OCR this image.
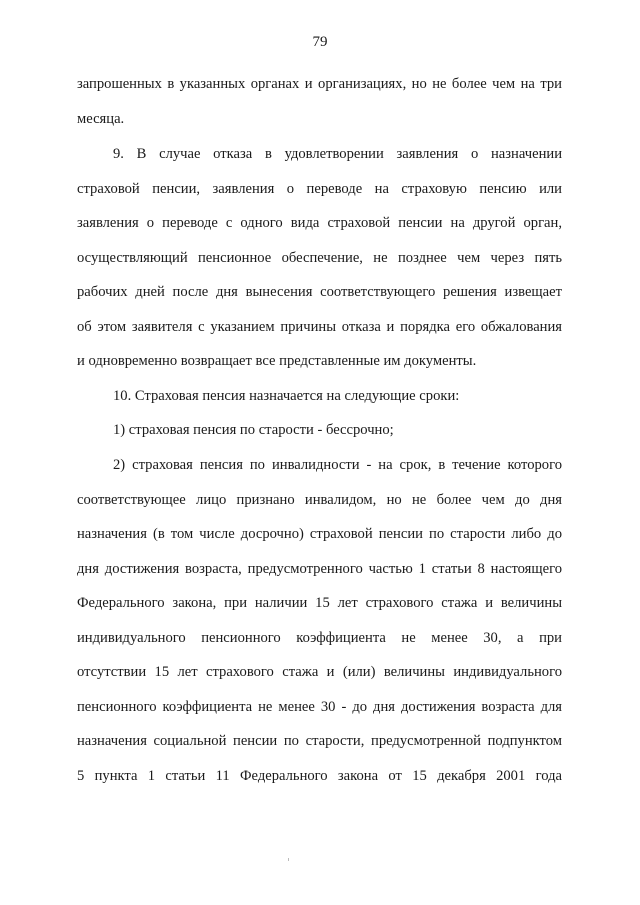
79
запрошенных в указанных органах и организациях, но не более чем на три
месяца.
9. В случае отказа в удовлетворении заявления о назначении
страховой пенсии, заявления о переводе на страховую пенсию или
заявления о переводе с одного вида страховой пенсии на другой орган,
осуществляющий пенсионное обеспечение, не позднее чем через пять
рабочих дней после дня вынесения соответствующего решения извещает
об этом заявителя с указанием причины отказа и порядка его обжалования
и одновременно возвращает все представленные им документы.
10. Страховая пенсия назначается на следующие сроки:
1) страховая пенсия по старости - бессрочно;
2) страховая пенсия по инвалидности - на срок, в течение которого
соответствующее лицо признано инвалидом, но не более чем до дня
назначения (в том числе досрочно) страховой пенсии по старости либо до
дня достижения возраста, предусмотренного частью 1 статьи 8 настоящего
Федерального закона, при наличии 15 лет страхового стажа и величины
индивидуального пенсионного коэффициента не менее 30, а при
отсутствии 15 лет страхового стажа и (или) величины индивидуального
пенсионного коэффициента не менее 30 - до дня достижения возраста для
назначения социальной пенсии по старости, предусмотренной подпунктом
5 пункта 1 статьи 11 Федерального закона от 15 декабря 2001 года
